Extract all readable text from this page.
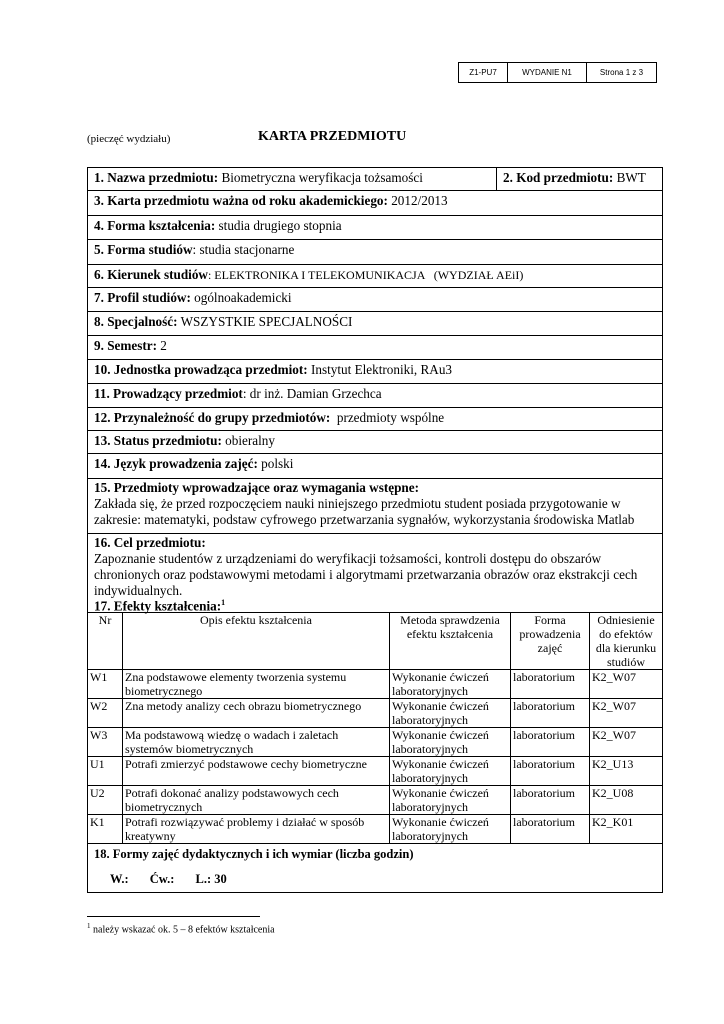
Z1-PU7	WYDANIE N1	Strona 1 z 3
(pieczęć wydziału)	KARTA PRZEDMIOTU
1. Nazwa przedmiotu: Biometryczna weryfikacja tożsamości	2. Kod przedmiotu: BWT
3. Karta przedmiotu ważna od roku akademickiego: 2012/2013
4. Forma kształcenia: studia drugiego stopnia
5. Forma studiów: studia stacjonarne
6. Kierunek studiów: ELEKTRONIKA I TELEKOMUNIKACJA   (WYDZIAŁ AEiI)
7. Profil studiów: ogólnoakademicki
8. Specjalność: WSZYSTKIE SPECJALNOŚCI
9. Semestr: 2
10. Jednostka prowadząca przedmiot: Instytut Elektroniki, RAu3
11. Prowadzący przedmiot: dr inż. Damian Grzechca
12. Przynależność do grupy przedmiotów: przedmioty wspólne
13. Status przedmiotu: obieralny
14. Język prowadzenia zajęć: polski
15. Przedmioty wprowadzające oraz wymagania wstępne:
Zakłada się, że przed rozpoczęciem nauki niniejszego przedmiotu student posiada przygotowanie w zakresie: matematyki, podstaw cyfrowego przetwarzania sygnałów, wykorzystania środowiska Matlab
16. Cel przedmiotu:
Zapoznanie studentów z urządzeniami do weryfikacji tożsamości, kontroli dostępu do obszarów chronionych oraz podstawowymi metodami i algorytmami przetwarzania obrazów oraz ekstrakcji cech indywidualnych.
17. Efekty kształcenia:$^1$
Nr	Opis efektu kształcenia	Metoda sprawdzenia efektu kształcenia	Forma prowadzenia zajęć	Odniesienie do efektów dla kierunku studiów
W1	Zna podstawowe elementy tworzenia systemu biometrycznego	Wykonanie ćwiczeń laboratoryjnych	laboratorium	K2_W07
W2	Zna metody analizy cech obrazu biometrycznego	Wykonanie ćwiczeń laboratoryjnych	laboratorium	K2_W07
W3	Ma podstawową wiedzę o wadach i zaletach systemów biometrycznych	Wykonanie ćwiczeń laboratoryjnych	laboratorium	K2_W07
U1	Potrafi zmierzyć podstawowe cechy biometryczne	Wykonanie ćwiczeń laboratoryjnych	laboratorium	K2_U13
U2	Potrafi dokonać analizy podstawowych cech biometrycznych	Wykonanie ćwiczeń laboratoryjnych	laboratorium	K2_U08
K1	Potrafi rozwiązywać problemy i działać w sposób kreatywny	Wykonanie ćwiczeń laboratoryjnych	laboratorium	K2_K01
18. Formy zajęć dydaktycznych i ich wymiar (liczba godzin)
W.: Ćw.: L.: 30
$^1$ należy wskazać ok. 5 – 8 efektów kształcenia
